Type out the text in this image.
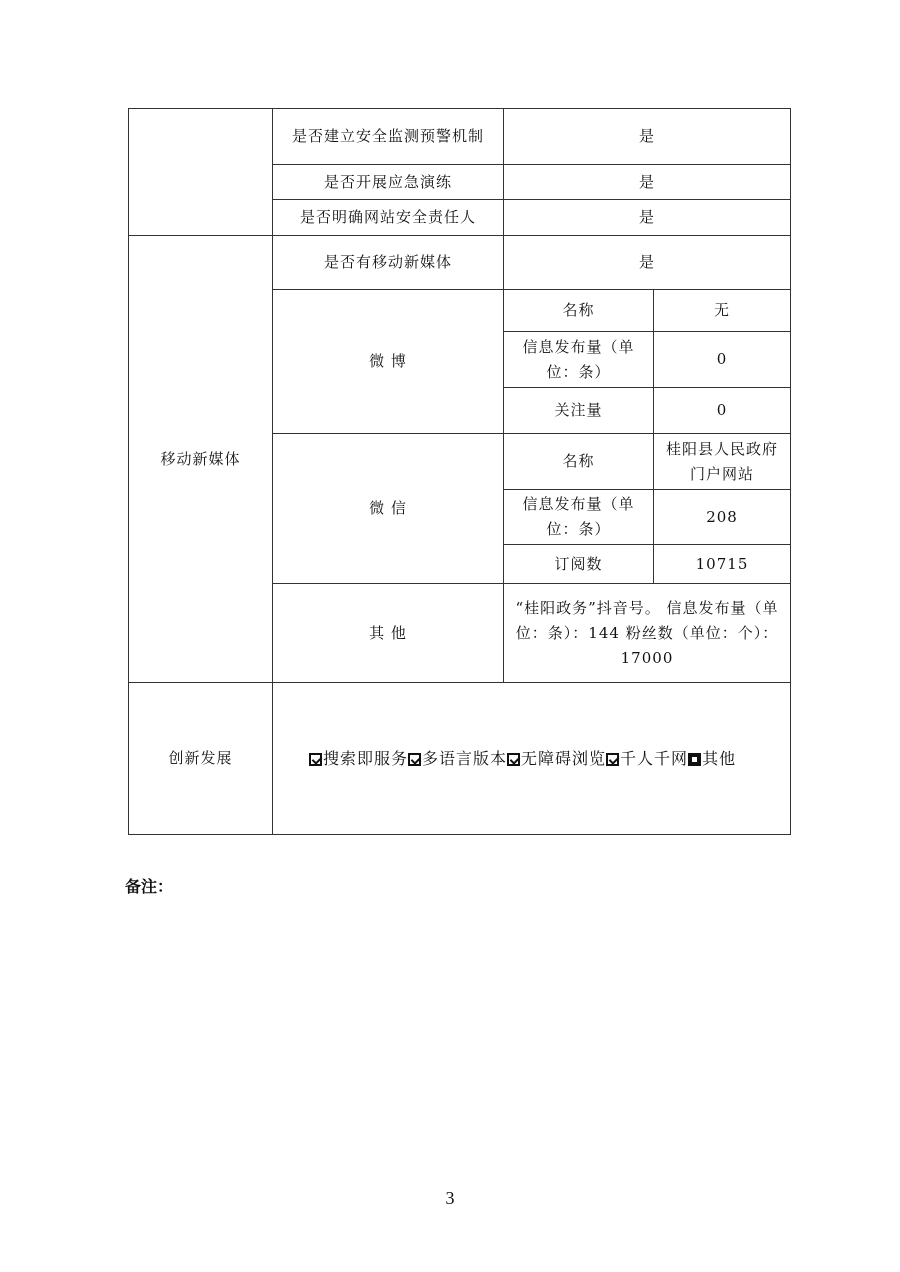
	是否建立安全监测预警机制	是	
	是否开展应急演练	是	
	是否明确网站安全责任人	是	
移动新媒体	是否有移动新媒体	是	
	微 博	名称	无
		信息发布量（单位：条）	0
		关注量	0
	微 信	名称	桂阳县人民政府门户网站
		信息发布量（单位：条）	208
		订阅数	10715
	其 他	“桂阳政务”抖音号。 信息发布量（单位：条）：144 粉丝数（单位：个）：17000	
创新发展	搜索即服务 多语言版本 无障碍浏览 千人千网 其他		
备注：
3
